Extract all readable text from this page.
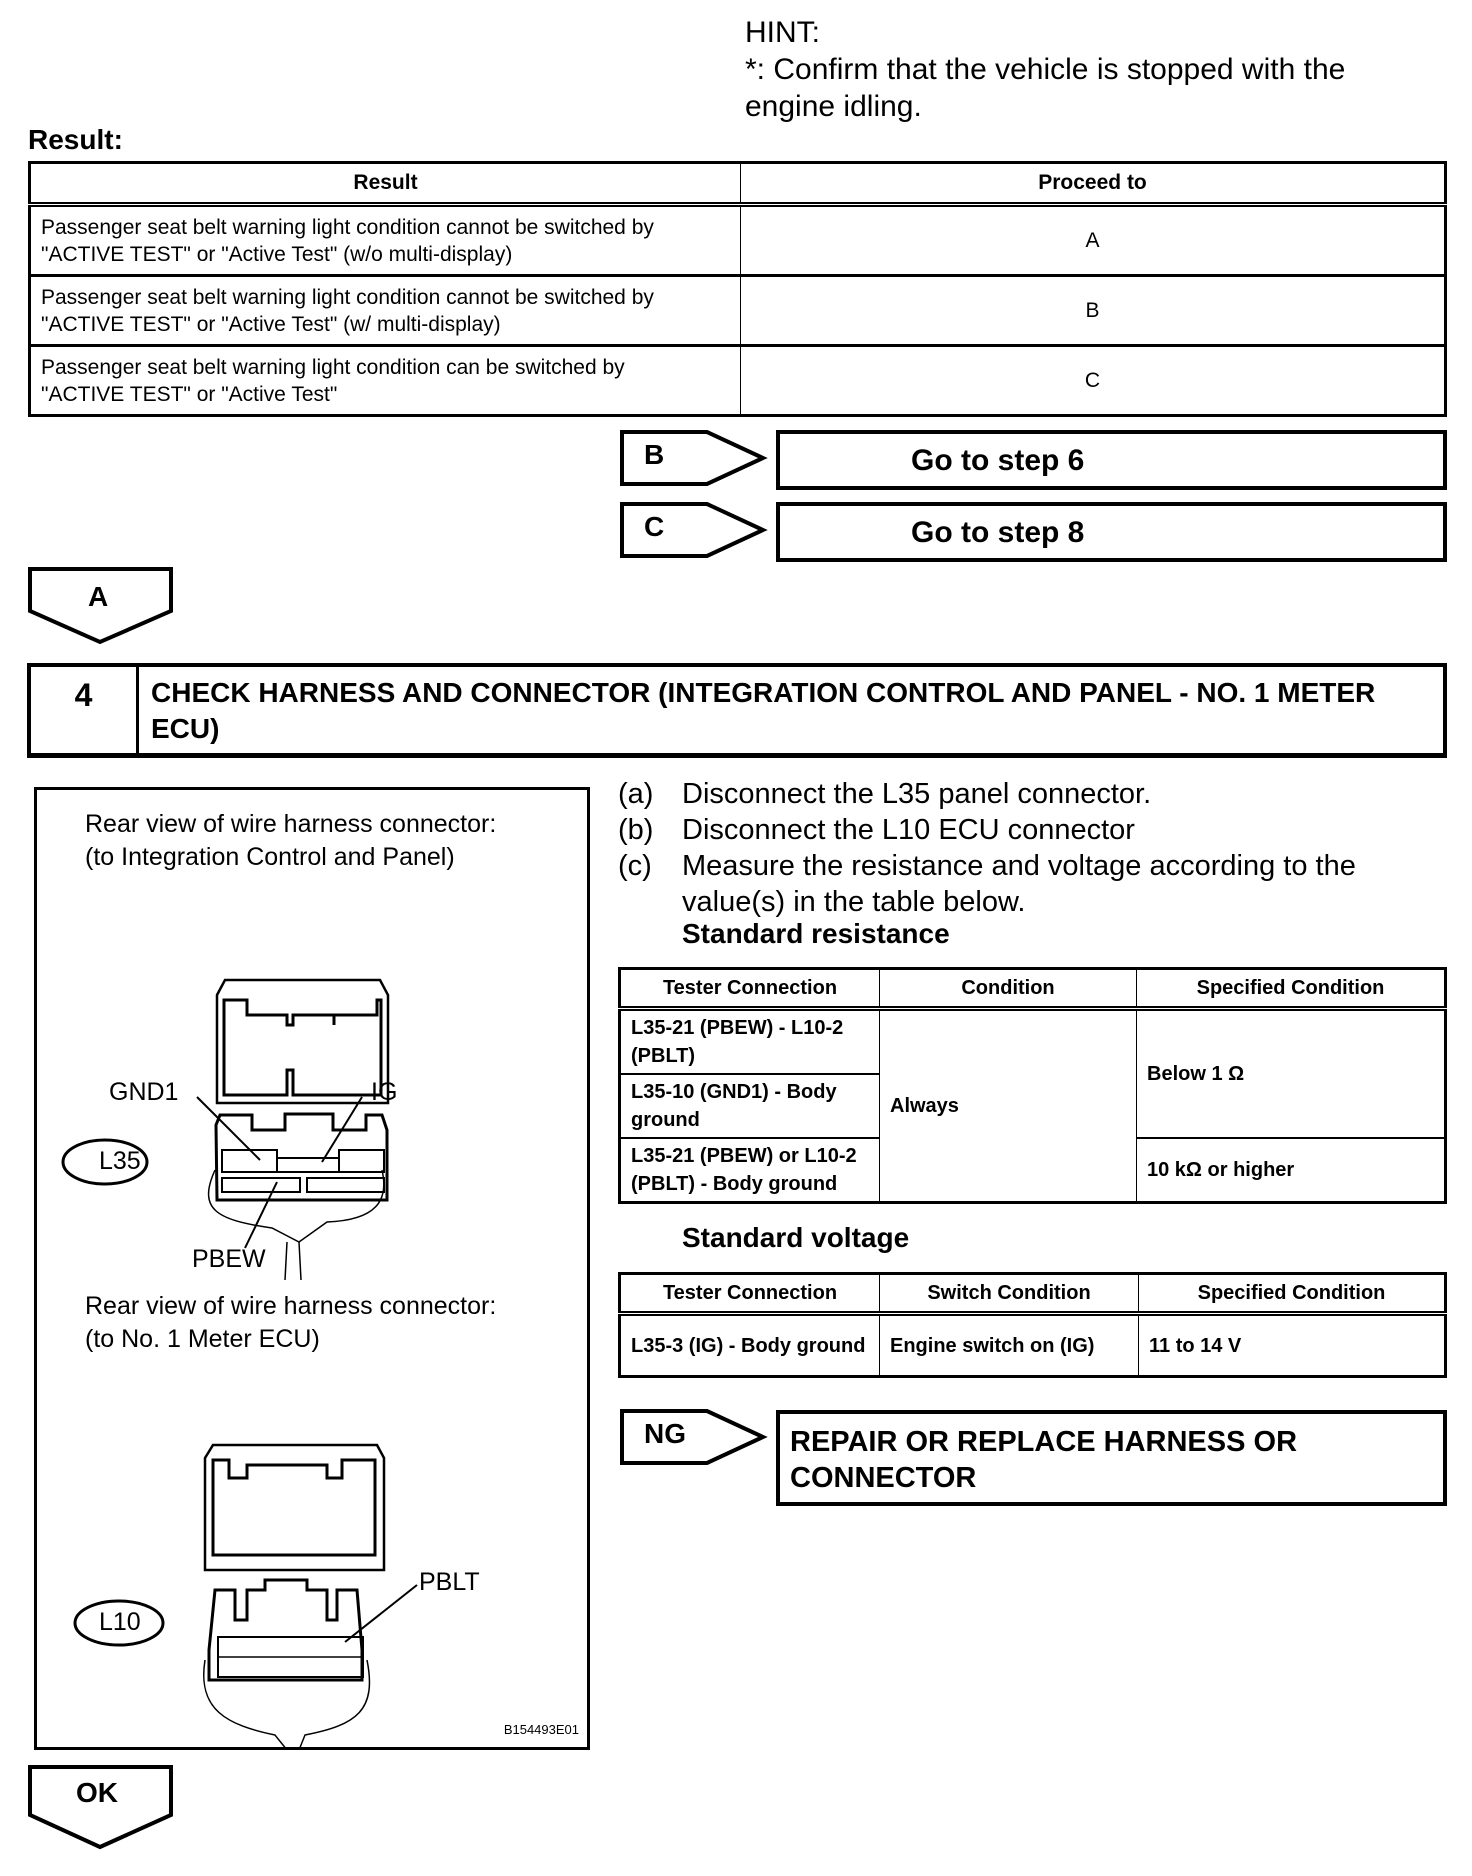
HINT:
*: Confirm that the vehicle is stopped with the
engine idling.
Result:
Result	Proceed to

Passenger seat belt warning light condition cannot be switched by
"ACTIVE TEST" or "Active Test" (w/o multi-display)	A

Passenger seat belt warning light condition cannot be switched by
"ACTIVE TEST" or "Active Test" (w/ multi-display)	B

Passenger seat belt warning light condition can be switched by
"ACTIVE TEST" or "Active Test"	C
B	Go to step 6
C	Go to step 8
A
4	CHECK HARNESS AND CONNECTOR (INTEGRATION CONTROL AND PANEL - NO. 1 METER ECU)
Rear view of wire harness connector:
(to Integration Control and Panel)
L35
GND1	IG
PBEW
Rear view of wire harness connector:
(to No. 1 Meter ECU)
L10
PBLT
B154493E01
(a) Disconnect the L35 panel connector.
(b) Disconnect the L10 ECU connector
(c) Measure the resistance and voltage according to the
value(s) in the table below.
Standard resistance
Tester Connection	Condition	Specified Condition
L35-21 (PBEW) - L10-2 (PBLT)	Always	Below 1 Ω
L35-10 (GND1) - Body ground		
L35-21 (PBEW) or L10-2 (PBLT) - Body ground		10 kΩ or higher
Standard voltage
Tester Connection	Switch Condition	Specified Condition
L35-3 (IG) - Body ground	Engine switch on (IG)	11 to 14 V
NG	REPAIR OR REPLACE HARNESS OR CONNECTOR
OK
